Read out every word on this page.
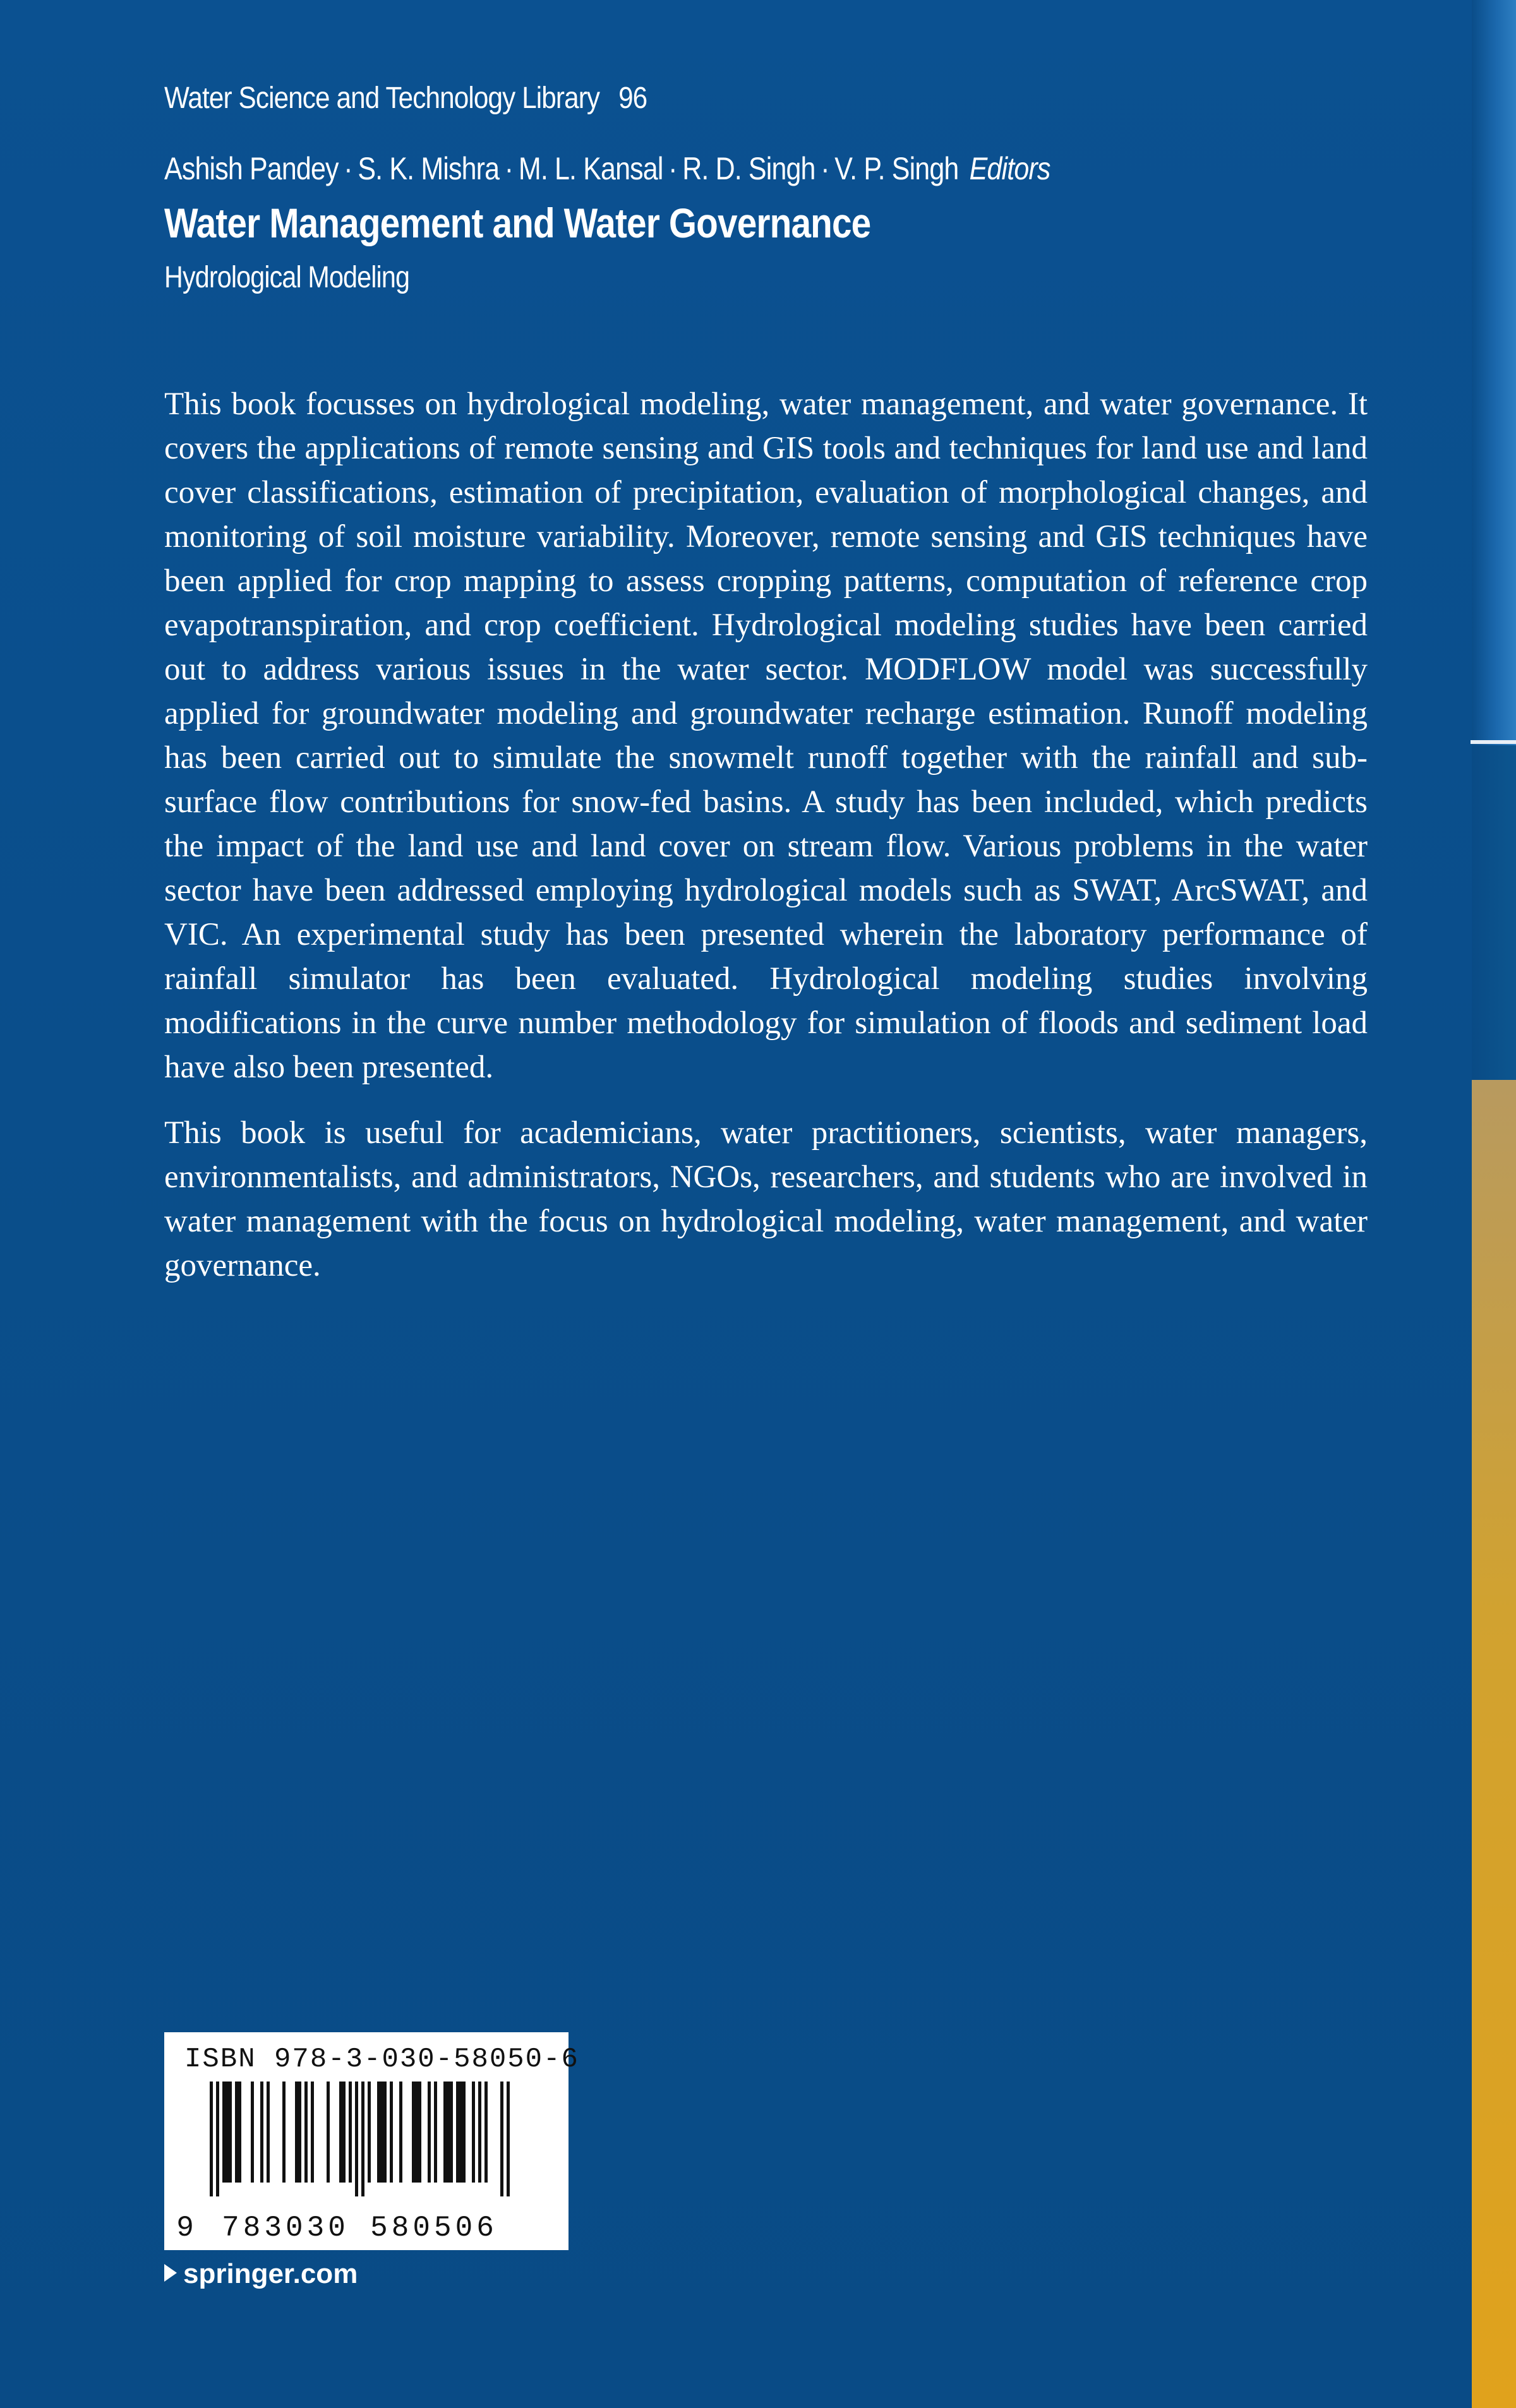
Water Science and Technology Library 96
Ashish Pandey · S. K. Mishra · M. L. Kansal · R. D. Singh · V. P. Singh Editors
Water Management and Water Governance
Hydrological Modeling

This book focusses on hydrological modeling, water management, and water governance. It covers the applications of remote sensing and GIS tools and techniques for land use and land cover classifications, estimation of precipitation, evaluation of morphological changes, and monitoring of soil moisture variability. Moreover, remote sensing and GIS techniques have been applied for crop mapping to assess cropping patterns, computation of reference crop evapotranspiration, and crop coefficient. Hydrological modeling studies have been carried out to address various issues in the water sector. MODFLOW model was successfully applied for groundwater modeling and groundwater recharge estimation. Runoff modeling has been carried out to simulate the snowmelt runoff together with the rainfall and sub-surface flow contributions for snow-fed basins. A study has been included, which predicts the impact of the land use and land cover on stream flow. Various problems in the water sector have been addressed employing hydrological models such as SWAT, ArcSWAT, and VIC. An experimental study has been presented wherein the laboratory performance of rainfall simulator has been evaluated. Hydrological modeling studies involving modifications in the curve number methodology for simulation of floods and sediment load have also been presented.

This book is useful for academicians, water practitioners, scientists, water managers, environmentalists, and administrators, NGOs, researchers, and students who are involved in water management with the focus on hydrological modeling, water management, and water governance.

ISBN 978-3-030-58050-6
9 783030 580506
springer.com
